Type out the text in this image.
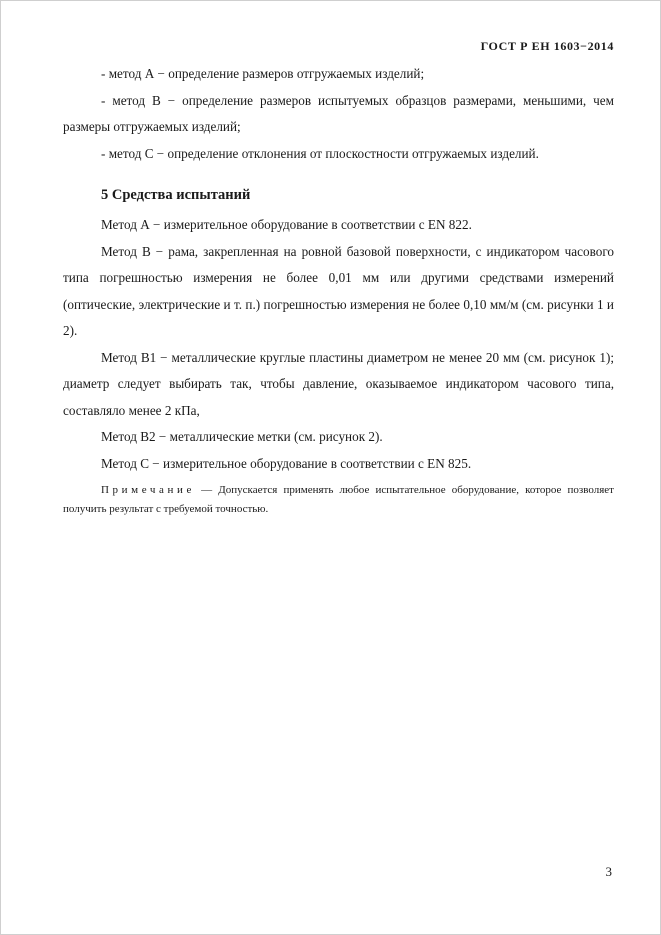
ГОСТ Р ЕН 1603−2014

- метод А − определение размеров отгружаемых изделий;

- метод В − определение размеров испытуемых образцов размерами, меньшими, чем размеры отгружаемых изделий;

- метод С − определение отклонения от плоскостности отгружаемых изделий.

5 Средства испытаний

Метод А − измерительное оборудование в соответствии с EN 822.

Метод В − рама, закрепленная на ровной базовой поверхности, с индикатором часового типа погрешностью измерения не более 0,01 мм или другими средствами измерений (оптические, электрические и т. п.) погрешностью измерения не более 0,10 мм/м (см. рисунки 1 и 2).

Метод В1 − металлические круглые пластины диаметром не менее 20 мм (см. рисунок 1); диаметр следует выбирать так, чтобы давление, оказываемое индикатором часового типа, составляло менее 2 кПа,

Метод В2 − металлические метки (см. рисунок 2).

Метод С − измерительное оборудование в соответствии с EN 825.

Примечание — Допускается применять любое испытательное оборудование, которое позволяет получить результат с требуемой точностью.
3
